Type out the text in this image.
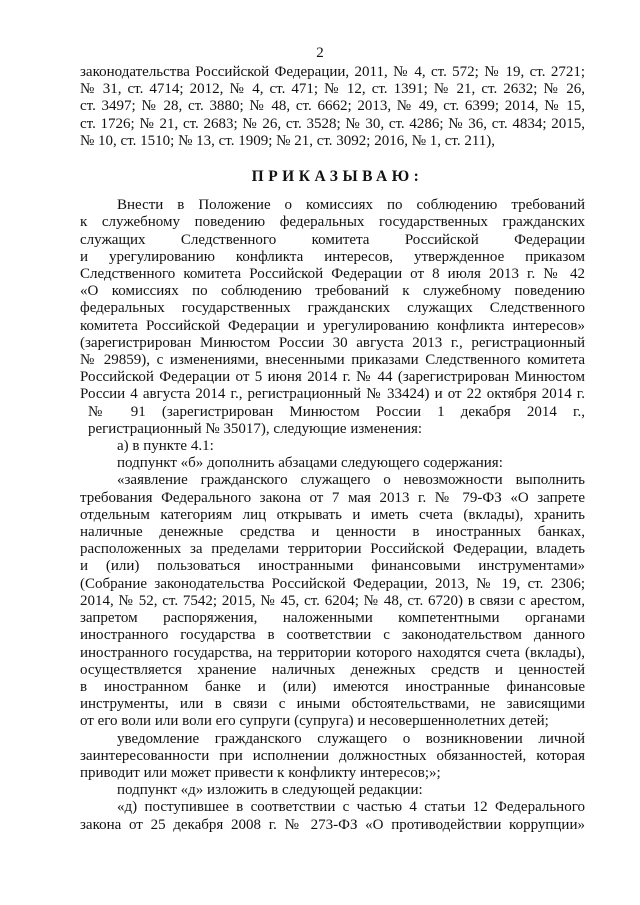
2
законодательства Российской Федерации, 2011, № 4, ст. 572; № 19, ст. 2721;
№ 31, ст. 4714; 2012, № 4, ст. 471; № 12, ст. 1391; № 21, ст. 2632; № 26,
ст. 3497; № 28, ст. 3880; № 48, ст. 6662; 2013, № 49, ст. 6399; 2014, № 15,
ст. 1726; № 21, ст. 2683; № 26, ст. 3528; № 30, ст. 4286; № 36, ст. 4834; 2015,
№ 10, ст. 1510; № 13, ст. 1909; № 21, ст. 3092; 2016, № 1, ст. 211),
ПРИКАЗЫВАЮ:
Внести в Положение о комиссиях по соблюдению требований
к служебному поведению федеральных государственных гражданских
служащих Следственного комитета Российской Федерации
и урегулированию конфликта интересов, утвержденное приказом
Следственного комитета Российской Федерации от 8 июля 2013 г. № 42
«О комиссиях по соблюдению требований к служебному поведению
федеральных государственных гражданских служащих Следственного
комитета Российской Федерации и урегулированию конфликта интересов»
(зарегистрирован Минюстом России 30 августа 2013 г., регистрационный
№ 29859), с изменениями, внесенными приказами Следственного комитета
Российской Федерации от 5 июня 2014 г. № 44 (зарегистрирован Минюстом
России 4 августа 2014 г., регистрационный № 33424) и от 22 октября 2014 г.
№ 91 (зарегистрирован Минюстом России 1 декабря 2014 г.,
регистрационный № 35017), следующие изменения:
а) в пункте 4.1:
подпункт «б» дополнить абзацами следующего содержания:
«заявление гражданского служащего о невозможности выполнить
требования Федерального закона от 7 мая 2013 г. № 79-ФЗ «О запрете
отдельным категориям лиц открывать и иметь счета (вклады), хранить
наличные денежные средства и ценности в иностранных банках,
расположенных за пределами территории Российской Федерации, владеть
и (или) пользоваться иностранными финансовыми инструментами»
(Собрание законодательства Российской Федерации, 2013, № 19, ст. 2306;
2014, № 52, ст. 7542; 2015, № 45, ст. 6204; № 48, ст. 6720) в связи с арестом,
запретом распоряжения, наложенными компетентными органами
иностранного государства в соответствии с законодательством данного
иностранного государства, на территории которого находятся счета (вклады),
осуществляется хранение наличных денежных средств и ценностей
в иностранном банке и (или) имеются иностранные финансовые
инструменты, или в связи с иными обстоятельствами, не зависящими
от его воли или воли его супруги (супруга) и несовершеннолетних детей;
уведомление гражданского служащего о возникновении личной
заинтересованности при исполнении должностных обязанностей, которая
приводит или может привести к конфликту интересов;»;
подпункт «д» изложить в следующей редакции:
«д) поступившее в соответствии с частью 4 статьи 12 Федерального
закона от 25 декабря 2008 г. № 273-ФЗ «О противодействии коррупции»
